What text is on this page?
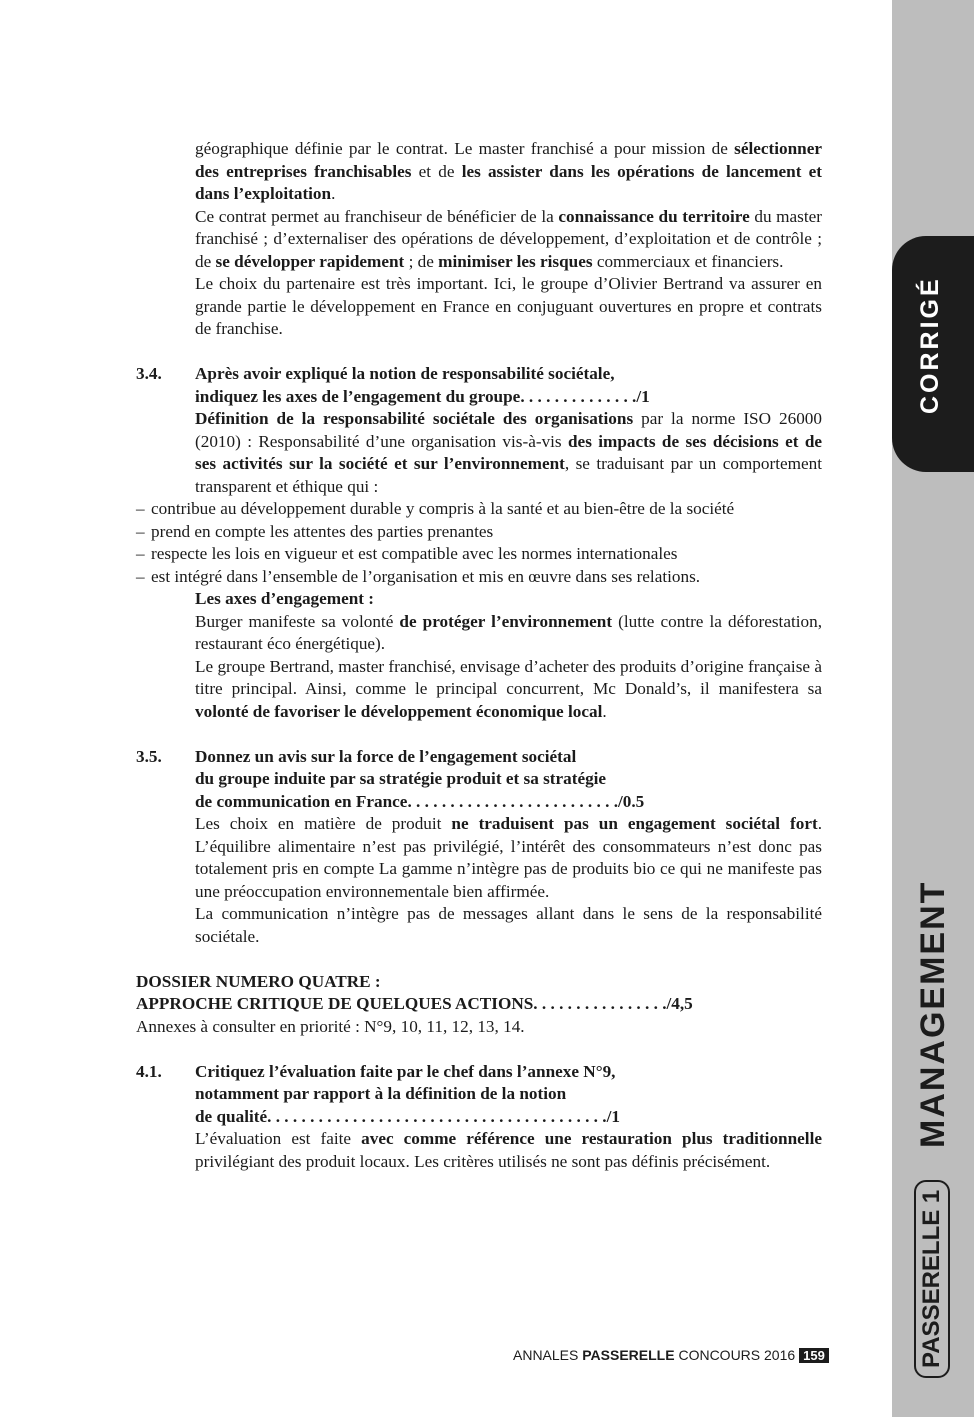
CORRIGÉ
MANAGEMENT
PASSERELLE 1

géographique définie par le contrat. Le master franchisé a pour mission de sélectionner des entreprises franchisables et de les assister dans les opérations de lancement et dans l’exploitation.

Ce contrat permet au franchiseur de bénéficier de la connaissance du territoire du master franchisé ; d’externaliser des opérations de développement, d’exploitation et de contrôle ; de se développer rapidement ; de minimiser les risques commerciaux et financiers.

Le choix du partenaire est très important. Ici, le groupe d’Olivier Bertrand va assurer en grande partie le développement en France en conjuguant ouvertures en propre et contrats de franchise.

3.4. Après avoir expliqué la notion de responsabilité sociétale,

indiquez les axes de l’engagement du groupe. . . . . . . . . . . . . ./1

Définition de la responsabilité sociétale des organisations par la norme ISO 26000 (2010) : Responsabilité d’une organisation vis-à-vis des impacts de ses décisions et de ses activités sur la société et sur l’environnement, se traduisant par un comportement transparent et éthique qui :

– contribue au développement durable y compris à la santé et au bien-être de la société
– prend en compte les attentes des parties prenantes
– respecte les lois en vigueur et est compatible avec les normes internationales
– est intégré dans l’ensemble de l’organisation et mis en œuvre dans ses relations.

Les axes d’engagement :

Burger manifeste sa volonté de protéger l’environnement (lutte contre la déforestation, restaurant éco énergétique).

Le groupe Bertrand, master franchisé, envisage d’acheter des produits d’origine française à titre principal. Ainsi, comme le principal concurrent, Mc Donald’s, il manifestera sa volonté de favoriser le développement économique local.

3.5. Donnez un avis sur la force de l’engagement sociétal

du groupe induite par sa stratégie produit et sa stratégie

de communication en France. . . . . . . . . . . . . . . . . . . . . . . . ./0.5

Les choix en matière de produit ne traduisent pas un engagement sociétal fort. L’équilibre alimentaire n’est pas privilégié, l’intérêt des consommateurs n’est donc pas totalement pris en compte La gamme n’intègre pas de produits bio ce qui ne manifeste pas une préoccupation environnementale bien affirmée.

La communication n’intègre pas de messages allant dans le sens de la responsabilité sociétale.

DOSSIER NUMERO QUATRE :

APPROCHE CRITIQUE DE QUELQUES ACTIONS. . . . . . . . . . . . . . . ./4,5

Annexes à consulter en priorité : N°9, 10, 11, 12, 13, 14.

4.1. Critiquez l’évaluation faite par le chef dans l’annexe N°9,

notamment par rapport à la définition de la notion

de qualité. . . . . . . . . . . . . . . . . . . . . . . . . . . . . . . . . . . . . . . ./1

L’évaluation est faite avec comme référence une restauration plus traditionnelle privilégiant des produit locaux. Les critères utilisés ne sont pas définis précisément.

ANNALES PASSERELLE CONCOURS 2016 159
